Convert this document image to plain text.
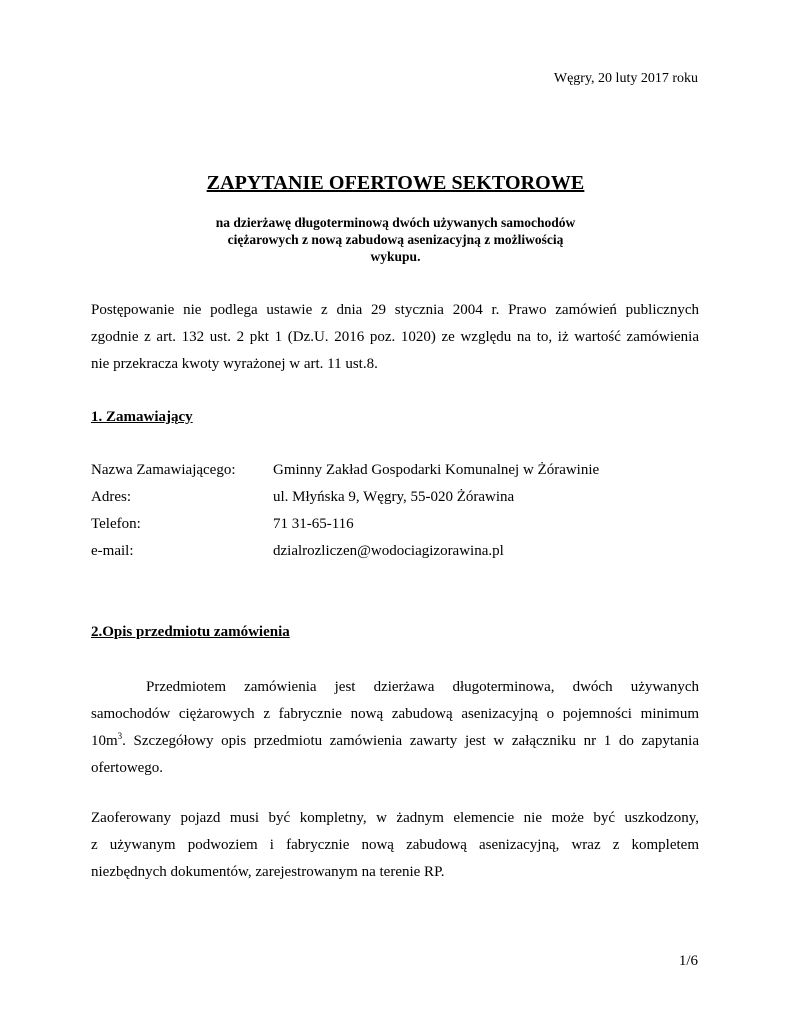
Węgry, 20 luty 2017 roku
ZAPYTANIE OFERTOWE SEKTOROWE
na dzierżawę długoterminową dwóch używanych samochodów
ciężarowych z nową zabudową asenizacyjną z możliwością
wykupu.
Postępowanie nie podlega ustawie z dnia 29 stycznia 2004 r. Prawo zamówień publicznych
zgodnie z art. 132 ust. 2 pkt 1 (Dz.U. 2016 poz. 1020) ze względu na to, iż wartość zamówienia
nie przekracza kwoty wyrażonej w art. 11 ust.8.
1. Zamawiający
Nazwa Zamawiającego:	Gminny Zakład Gospodarki Komunalnej w Żórawinie
Adres:	ul. Młyńska 9, Węgry, 55-020 Żórawina
Telefon:	71 31-65-116
e-mail:	dzialrozliczen@wodociagizorawina.pl
2.Opis przedmiotu zamówienia
Przedmiotem zamówienia jest dzierżawa długoterminowa, dwóch używanych
samochodów ciężarowych z fabrycznie nową zabudową asenizacyjną o pojemności minimum
$10m^3$. Szczegółowy opis przedmiotu zamówienia zawarty jest w załączniku nr 1 do zapytania
ofertowego.
Zaoferowany pojazd musi być kompletny, w żadnym elemencie nie może być uszkodzony,
z używanym podwoziem i fabrycznie nową zabudową asenizacyjną, wraz z kompletem
niezbędnych dokumentów, zarejestrowanym na terenie RP.
1/6
